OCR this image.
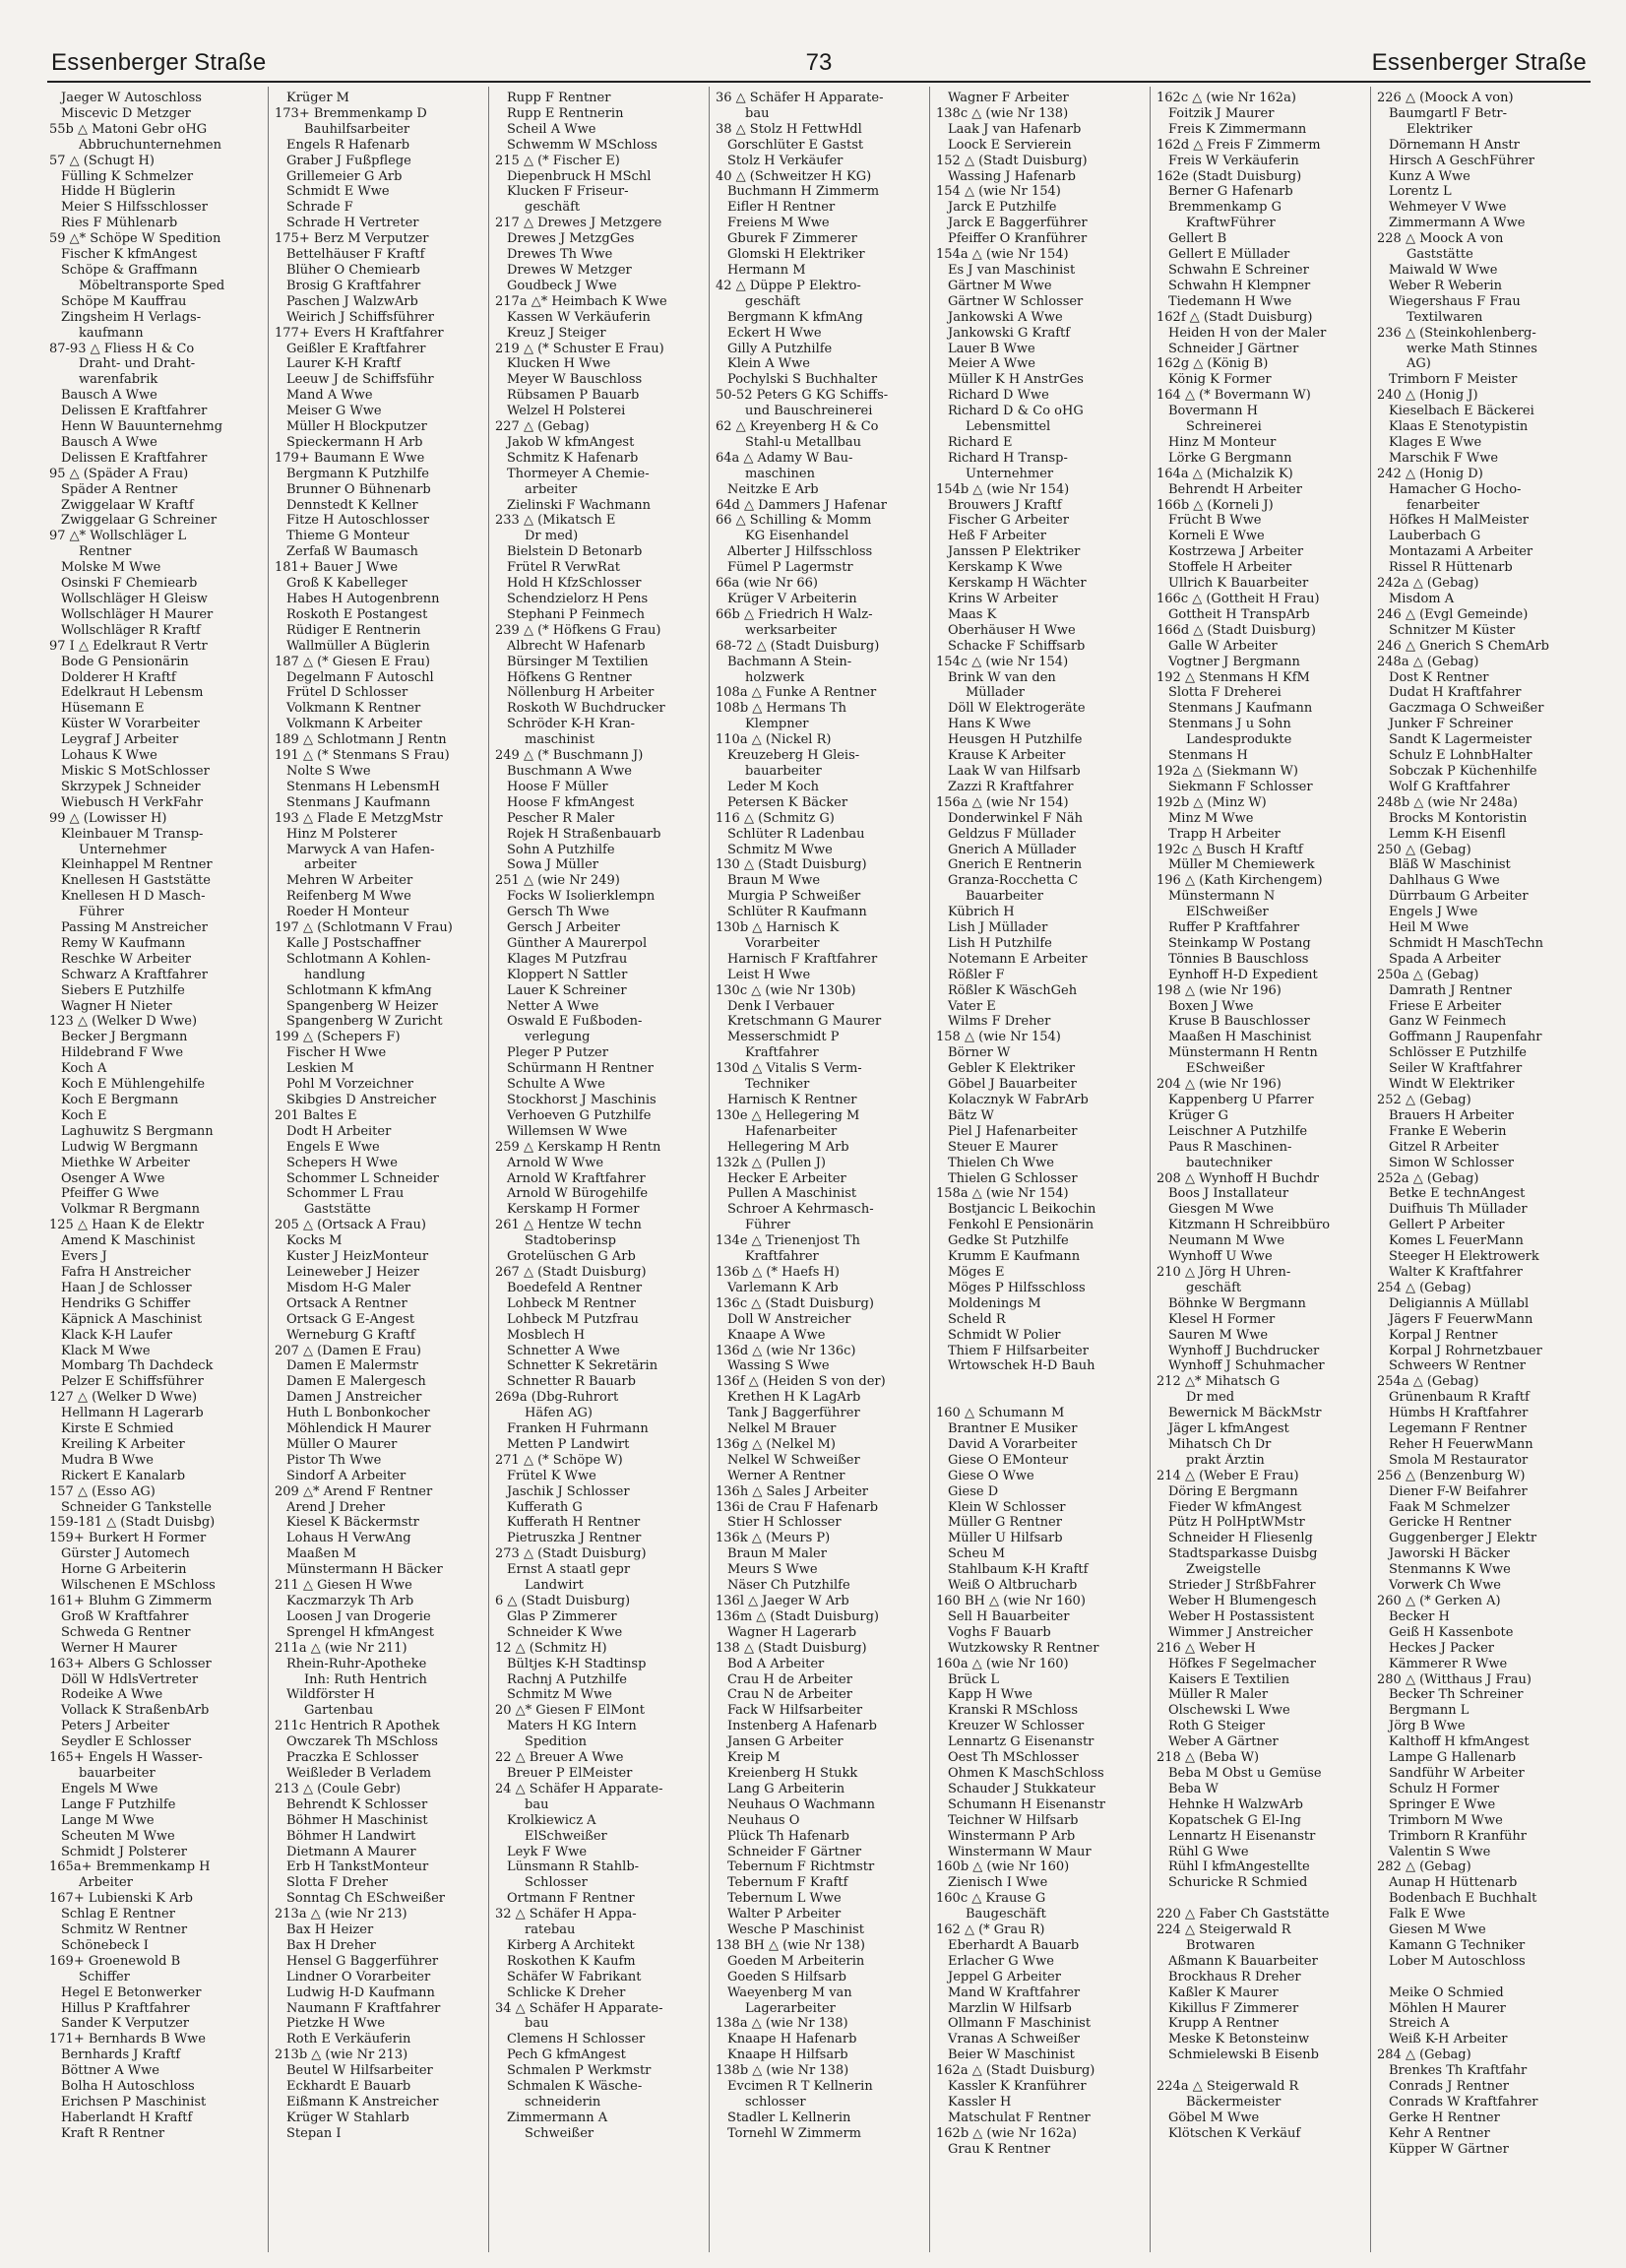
Essenberger Straße	73	Essenberger Straße
Jaeger W Autoschloss
Miscevic D Metzger
55b △ Matoni Gebr oHG
Abbruchunternehmen
57 △ (Schugt H)
Fülling K Schmelzer
Hidde H Büglerin
Meier S Hilfsschlosser
Ries F Mühlenarb
59 △* Schöpe W Spedition
Fischer K kfmAngest
Schöpe & Graffmann
Möbeltransporte Sped
Schöpe M Kauffrau
Zingsheim H Verlags-
kaufmann
87-93 △ Fliess H & Co
Draht- und Draht-
warenfabrik
Bausch A Wwe
Delissen E Kraftfahrer
Henn W Bauunternehmg
Bausch A Wwe
Delissen E Kraftfahrer
95 △ (Späder A Frau)
Späder A Rentner
Zwiggelaar W Kraftf
Zwiggelaar G Schreiner
97 △* Wollschläger L
Rentner
Molske M Wwe
Osinski F Chemiearb
Wollschläger H Gleisw
Wollschläger H Maurer
Wollschläger R Kraftf
97 I △ Edelkraut R Vertr
Bode G Pensionärin
Dolderer H Kraftf
Edelkraut H Lebensm
Hüsemann E
Küster W Vorarbeiter
Leygraf J Arbeiter
Lohaus K Wwe
Miskic S MotSchlosser
Skrzypek J Schneider
Wiebusch H VerkFahr
99 △ (Lowisser H)
Kleinbauer M Transp-
Unternehmer
Kleinhappel M Rentner
Knellesen H Gaststätte
Knellesen H D Masch-
Führer
Passing M Anstreicher
Remy W Kaufmann
Reschke W Arbeiter
Schwarz A Kraftfahrer
Siebers E Putzhilfe
Wagner H Nieter
123 △ (Welker D Wwe)
Becker J Bergmann
Hildebrand F Wwe
Koch A
Koch E Mühlengehilfe
Koch E Bergmann
Koch E
Laghuwitz S Bergmann
Ludwig W Bergmann
Miethke W Arbeiter
Osenger A Wwe
Pfeiffer G Wwe
Volkmar R Bergmann
125 △ Haan K de Elektr
Amend K Maschinist
Evers J
Fafra H Anstreicher
Haan J de Schlosser
Hendriks G Schiffer
Käpnick A Maschinist
Klack K-H Laufer
Klack M Wwe
Mombarg Th Dachdeck
Pelzer E Schiffsführer
127 △ (Welker D Wwe)
Hellmann H Lagerarb
Kirste E Schmied
Kreiling K Arbeiter
Mudra B Wwe
Rickert E Kanalarb
157 △ (Esso AG)
Schneider G Tankstelle
159-181 △ (Stadt Duisbg)
159+ Burkert H Former
Gürster J Automech
Horne G Arbeiterin
Wilschenen E MSchloss
161+ Bluhm G Zimmerm
Groß W Kraftfahrer
Schweda G Rentner
Werner H Maurer
163+ Albers G Schlosser
Döll W HdlsVertreter
Rodeike A Wwe
Vollack K StraßenbArb
Peters J Arbeiter
Seydler E Schlosser
165+ Engels H Wasser-
bauarbeiter
Engels M Wwe
Lange F Putzhilfe
Lange M Wwe
Scheuten M Wwe
Schmidt J Polsterer
165a+ Bremmenkamp H
Arbeiter
167+ Lubienski K Arb
Schlag E Rentner
Schmitz W Rentner
Schönebeck I
169+ Groenewold B
Schiffer
Hegel E Betonwerker
Hillus P Kraftfahrer
Sander K Verputzer
171+ Bernhards B Wwe
Bernhards J Kraftf
Böttner A Wwe
Bolha H Autoschloss
Erichsen P Maschinist
Haberlandt H Kraftf
Kraft R Rentner
Krüger M
173+ Bremmenkamp D
Bauhilfsarbeiter
Engels R Hafenarb
Graber J Fußpflege
Grillemeier G Arb
Schmidt E Wwe
Schrade F
Schrade H Vertreter
175+ Berz M Verputzer
Bettelhäuser F Kraftf
Blüher O Chemiearb
Brosig G Kraftfahrer
Paschen J WalzwArb
Weirich J Schiffsführer
177+ Evers H Kraftfahrer
Geißler E Kraftfahrer
Laurer K-H Kraftf
Leeuw J de Schiffsführ
Mand A Wwe
Meiser G Wwe
Müller H Blockputzer
Spieckermann H Arb
179+ Baumann E Wwe
Bergmann K Putzhilfe
Brunner O Bühnenarb
Dennstedt K Kellner
Fitze H Autoschlosser
Thieme G Monteur
Zerfaß W Baumasch
181+ Bauer J Wwe
Groß K Kabelleger
Habes H Autogenbrenn
Roskoth E Postangest
Rüdiger E Rentnerin
Wallmüller A Büglerin
187 △ (* Giesen E Frau)
Degelmann F Autoschl
Frütel D Schlosser
Volkmann K Rentner
Volkmann K Arbeiter
189 △ Schlotmann J Rentn
191 △ (* Stenmans S Frau)
Nolte S Wwe
Stenmans H LebensmH
Stenmans J Kaufmann
193 △ Flade E MetzgMstr
Hinz M Polsterer
Marwyck A van Hafen-
arbeiter
Mehren W Arbeiter
Reifenberg M Wwe
Roeder H Monteur
197 △ (Schlotmann V Frau)
Kalle J Postschaffner
Schlotmann A Kohlen-
handlung
Schlotmann K kfmAng
Spangenberg W Heizer
Spangenberg W Zuricht
199 △ (Schepers F)
Fischer H Wwe
Leskien M
Pohl M Vorzeichner
Skibgies D Anstreicher
201 Baltes E
Dodt H Arbeiter
Engels E Wwe
Schepers H Wwe
Schommer L Schneider
Schommer L Frau
Gaststätte
205 △ (Ortsack A Frau)
Kocks M
Kuster J HeizMonteur
Leineweber J Heizer
Misdom H-G Maler
Ortsack A Rentner
Ortsack G E-Angest
Werneburg G Kraftf
207 △ (Damen E Frau)
Damen E Malermstr
Damen E Malergesch
Damen J Anstreicher
Huth L Bonbonkocher
Möhlendick H Maurer
Müller O Maurer
Pistor Th Wwe
Sindorf A Arbeiter
209 △* Arend F Rentner
Arend J Dreher
Kiesel K Bäckermstr
Lohaus H VerwAng
Maaßen M
Münstermann H Bäcker
211 △ Giesen H Wwe
Kaczmarzyk Th Arb
Loosen J van Drogerie
Sprengel H kfmAngest
211a △ (wie Nr 211)
Rhein-Ruhr-Apotheke
Inh: Ruth Hentrich
Wildförster H
Gartenbau
211c Hentrich R Apothek
Owczarek Th MSchloss
Praczka E Schlosser
Weißleder B Verladem
213 △ (Coule Gebr)
Behrendt K Schlosser
Böhmer H Maschinist
Böhmer H Landwirt
Dietmann A Maurer
Erb H TankstMonteur
Slotta F Dreher
Sonntag Ch ESchweißer
213a △ (wie Nr 213)
Bax H Heizer
Bax H Dreher
Hensel G Baggerführer
Lindner O Vorarbeiter
Ludwig H-D Kaufmann
Naumann F Kraftfahrer
Pietzke H Wwe
Roth E Verkäuferin
213b △ (wie Nr 213)
Beutel W Hilfsarbeiter
Eckhardt E Bauarb
Eißmann K Anstreicher
Krüger W Stahlarb
Stepan I
Rupp F Rentner
Rupp E Rentnerin
Scheil A Wwe
Schwemm W MSchloss
215 △ (* Fischer E)
Diepenbruck H MSchl
Klucken F Friseur-
geschäft
217 △ Drewes J Metzgere
Drewes J MetzgGes
Drewes Th Wwe
Drewes W Metzger
Goudbeck J Wwe
217a △* Heimbach K Wwe
Kassen W Verkäuferin
Kreuz J Steiger
219 △ (* Schuster E Frau)
Klucken H Wwe
Meyer W Bauschloss
Rübsamen P Bauarb
Welzel H Polsterei
227 △ (Gebag)
Jakob W kfmAngest
Schmitz K Hafenarb
Thormeyer A Chemie-
arbeiter
Zielinski F Wachmann
233 △ (Mikatsch E
Dr med)
Bielstein D Betonarb
Frütel R VerwRat
Hold H KfzSchlosser
Schendzielorz H Pens
Stephani P Feinmech
239 △ (* Höfkens G Frau)
Albrecht W Hafenarb
Bürsinger M Textilien
Höfkens G Rentner
Nöllenburg H Arbeiter
Roskoth W Buchdrucker
Schröder K-H Kran-
maschinist
249 △ (* Buschmann J)
Buschmann A Wwe
Hoose F Müller
Hoose F kfmAngest
Pescher R Maler
Rojek H Straßenbauarb
Sohn A Putzhilfe
Sowa J Müller
251 △ (wie Nr 249)
Focks W Isolierklempn
Gersch Th Wwe
Gersch J Arbeiter
Günther A Maurerpol
Klages M Putzfrau
Kloppert N Sattler
Lauer K Schreiner
Netter A Wwe
Oswald E Fußboden-
verlegung
Pleger P Putzer
Schürmann H Rentner
Schulte A Wwe
Stockhorst J Maschinis
Verhoeven G Putzhilfe
Willemsen W Wwe
259 △ Kerskamp H Rentn
Arnold W Wwe
Arnold W Kraftfahrer
Arnold W Bürogehilfe
Kerskamp H Former
261 △ Hentze W techn
Stadtoberinsp
Grotelüschen G Arb
267 △ (Stadt Duisburg)
Boedefeld A Rentner
Lohbeck M Rentner
Lohbeck M Putzfrau
Mosblech H
Schnetter A Wwe
Schnetter K Sekretärin
Schnetter R Bauarb
269a (Dbg-Ruhrort
Häfen AG)
Franken H Fuhrmann
Metten P Landwirt
271 △ (* Schöpe W)
Frütel K Wwe
Jaschik J Schlosser
Kufferath G
Kufferath H Rentner
Pietruszka J Rentner
273 △ (Stadt Duisburg)
Ernst A staatl gepr
Landwirt
6 △ (Stadt Duisburg)
Glas P Zimmerer
Schneider K Wwe
12 △ (Schmitz H)
Bültjes K-H Stadtinsp
Rachnj A Putzhilfe
Schmitz M Wwe
20 △* Giesen F ElMont
Maters H KG Intern
Spedition
22 △ Breuer A Wwe
Breuer P ElMeister
24 △ Schäfer H Apparate-
bau
Krolkiewicz A
ElSchweißer
Leyk F Wwe
Lünsmann R Stahlb-
Schlosser
Ortmann F Rentner
32 △ Schäfer H Appa-
ratebau
Kirberg A Architekt
Roskothen K Kaufm
Schäfer W Fabrikant
Schlicke K Dreher
34 △ Schäfer H Apparate-
bau
Clemens H Schlosser
Pech G kfmAngest
Schmalen P Werkmstr
Schmalen K Wäsche-
schneiderin
Zimmermann A
Schweißer
36 △ Schäfer H Apparate-
bau
38 △ Stolz H FettwHdl
Gorschlüter E Gastst
Stolz H Verkäufer
40 △ (Schweitzer H KG)
Buchmann H Zimmerm
Eifler H Rentner
Freiens M Wwe
Gburek F Zimmerer
Glomski H Elektriker
Hermann M
42 △ Düppe P Elektro-
geschäft
Bergmann K kfmAng
Eckert H Wwe
Gilly A Putzhilfe
Klein A Wwe
Pochylski S Buchhalter
50-52 Peters G KG Schiffs-
und Bauschreinerei
62 △ Kreyenberg H & Co
Stahl-u Metallbau
64a △ Adamy W Bau-
maschinen
Neitzke E Arb
64d △ Dammers J Hafenar
66 △ Schilling & Momm
KG Eisenhandel
Alberter J Hilfsschloss
Fümel P Lagermstr
66a (wie Nr 66)
Krüger V Arbeiterin
66b △ Friedrich H Walz-
werksarbeiter
68-72 △ (Stadt Duisburg)
Bachmann A Stein-
holzwerk
108a △ Funke A Rentner
108b △ Hermans Th
Klempner
110a △ (Nickel R)
Kreuzeberg H Gleis-
bauarbeiter
Leder M Koch
Petersen K Bäcker
116 △ (Schmitz G)
Schlüter R Ladenbau
Schmitz M Wwe
130 △ (Stadt Duisburg)
Braun M Wwe
Murgia P Schweißer
Schlüter R Kaufmann
130b △ Harnisch K
Vorarbeiter
Harnisch F Kraftfahrer
Leist H Wwe
130c △ (wie Nr 130b)
Denk I Verbauer
Kretschmann G Maurer
Messerschmidt P
Kraftfahrer
130d △ Vitalis S Verm-
Techniker
Harnisch K Rentner
130e △ Hellegering M
Hafenarbeiter
Hellegering M Arb
132k △ (Pullen J)
Hecker E Arbeiter
Pullen A Maschinist
Schroer A Kehrmasch-
Führer
134e △ Trienenjost Th
Kraftfahrer
136b △ (* Haefs H)
Varlemann K Arb
136c △ (Stadt Duisburg)
Doll W Anstreicher
Knaape A Wwe
136d △ (wie Nr 136c)
Wassing S Wwe
136f △ (Heiden S von der)
Krethen H K LagArb
Tank J Baggerführer
Nelkel M Brauer
136g △ (Nelkel M)
Nelkel W Schweißer
Werner A Rentner
136h △ Sales J Arbeiter
136i de Crau F Hafenarb
Stier H Schlosser
136k △ (Meurs P)
Braun M Maler
Meurs S Wwe
Näser Ch Putzhilfe
136l △ Jaeger W Arb
136m △ (Stadt Duisburg)
Wagner H Lagerarb
138 △ (Stadt Duisburg)
Bod A Arbeiter
Crau H de Arbeiter
Crau N de Arbeiter
Fack W Hilfsarbeiter
Instenberg A Hafenarb
Jansen G Arbeiter
Kreip M
Kreienberg H Stukk
Lang G Arbeiterin
Neuhaus O Wachmann
Neuhaus O
Plück Th Hafenarb
Schneider F Gärtner
Tebernum F Richtmstr
Tebernum F Kraftf
Tebernum L Wwe
Walter P Arbeiter
Wesche P Maschinist
138 BH △ (wie Nr 138)
Goeden M Arbeiterin
Goeden S Hilfsarb
Waeyenberg M van
Lagerarbeiter
138a △ (wie Nr 138)
Knaape H Hafenarb
Knaape H Hilfsarb
138b △ (wie Nr 138)
Evcimen R T Kellnerin
schlosser
Stadler L Kellnerin
Tornehl W Zimmerm
Wagner F Arbeiter
138c △ (wie Nr 138)
Laak J van Hafenarb
Loock E Servierein
152 △ (Stadt Duisburg)
Wassing J Hafenarb
154 △ (wie Nr 154)
Jarck E Putzhilfe
Jarck E Baggerführer
Pfeiffer O Kranführer
154a △ (wie Nr 154)
Es J van Maschinist
Gärtner M Wwe
Gärtner W Schlosser
Jankowski A Wwe
Jankowski G Kraftf
Lauer B Wwe
Meier A Wwe
Müller K H AnstrGes
Richard D Wwe
Richard D & Co oHG
Lebensmittel
Richard E
Richard H Transp-
Unternehmer
154b △ (wie Nr 154)
Brouwers J Kraftf
Fischer G Arbeiter
Heß F Arbeiter
Janssen P Elektriker
Kerskamp K Wwe
Kerskamp H Wächter
Krins W Arbeiter
Maas K
Oberhäuser H Wwe
Schacke F Schiffsarb
154c △ (wie Nr 154)
Brink W van den
Müllader
Döll W Elektrogeräte
Hans K Wwe
Heusgen H Putzhilfe
Krause K Arbeiter
Laak W van Hilfsarb
Zazzi R Kraftfahrer
156a △ (wie Nr 154)
Donderwinkel F Näh
Geldzus F Müllader
Gnerich A Müllader
Gnerich E Rentnerin
Granza-Rocchetta C
Bauarbeiter
Kübrich H
Lish J Müllader
Lish H Putzhilfe
Notemann E Arbeiter
Rößler F
Rößler K WäschGeh
Vater E
Wilms F Dreher
158 △ (wie Nr 154)
Börner W
Gebler K Elektriker
Göbel J Bauarbeiter
Kolacznyk W FabrArb
Bätz W
Piel J Hafenarbeiter
Steuer E Maurer
Thielen Ch Wwe
Thielen G Schlosser
158a △ (wie Nr 154)
Bostjancic L Beikochin
Fenkohl E Pensionärin
Gedke St Putzhilfe
Krumm E Kaufmann
Möges E
Möges P Hilfsschloss
Moldenings M
Scheld R
Schmidt W Polier
Thiem F Hilfsarbeiter
Wrtowschek H-D Bauh

160 △ Schumann M
Brantner E Musiker
David A Vorarbeiter
Giese O EMonteur
Giese O Wwe
Giese D
Klein W Schlosser
Müller G Rentner
Müller U Hilfsarb
Scheu M
Stahlbaum K-H Kraftf
Weiß O Altbrucharb
160 BH △ (wie Nr 160)
Sell H Bauarbeiter
Voghs F Bauarb
Wutzkowsky R Rentner
160a △ (wie Nr 160)
Brück L
Kapp H Wwe
Kranski R MSchloss
Kreuzer W Schlosser
Lennartz G Eisenanstr
Oest Th MSchlosser
Ohmen K MaschSchloss
Schauder J Stukkateur
Schumann H Eisenanstr
Teichner W Hilfsarb
Winstermann P Arb
Winstermann W Maur
160b △ (wie Nr 160)
Zienisch I Wwe
160c △ Krause G
Baugeschäft
162 △ (* Grau R)
Eberhardt A Bauarb
Erlacher G Wwe
Jeppel G Arbeiter
Mand W Kraftfahrer
Marzlin W Hilfsarb
Ollmann F Maschinist
Vranas A Schweißer
Beier W Maschinist
162a △ (Stadt Duisburg)
Kassler K Kranführer
Kassler H
Matschulat F Rentner
162b △ (wie Nr 162a)
Grau K Rentner
162c △ (wie Nr 162a)
Foitzik J Maurer
Freis K Zimmermann
162d △ Freis F Zimmerm
Freis W Verkäuferin
162e (Stadt Duisburg)
Berner G Hafenarb
Bremmenkamp G
KraftwFührer
Gellert B
Gellert E Müllader
Schwahn E Schreiner
Schwahn H Klempner
Tiedemann H Wwe
162f △ (Stadt Duisburg)
Heiden H von der Maler
Schneider J Gärtner
162g △ (König B)
König K Former
164 △ (* Bovermann W)
Bovermann H
Schreinerei
Hinz M Monteur
Lörke G Bergmann
164a △ (Michalzik K)
Behrendt H Arbeiter
166b △ (Korneli J)
Frücht B Wwe
Korneli E Wwe
Kostrzewa J Arbeiter
Stoffele H Arbeiter
Ullrich K Bauarbeiter
166c △ (Gottheit H Frau)
Gottheit H TranspArb
166d △ (Stadt Duisburg)
Galle W Arbeiter
Vogtner J Bergmann
192 △ Stenmans H KfM
Slotta F Dreherei
Stenmans J Kaufmann
Stenmans J u Sohn
Landesprodukte
Stenmans H
192a △ (Siekmann W)
Siekmann F Schlosser
192b △ (Minz W)
Minz M Wwe
Trapp H Arbeiter
192c △ Busch H Kraftf
Müller M Chemiewerk
196 △ (Kath Kirchengem)
Münstermann N
ElSchweißer
Ruffer P Kraftfahrer
Steinkamp W Postang
Tönnies B Bauschloss
Eynhoff H-D Expedient
198 △ (wie Nr 196)
Boxen J Wwe
Kruse B Bauschlosser
Maaßen H Maschinist
Münstermann H Rentn
ESchweißer
204 △ (wie Nr 196)
Kappenberg U Pfarrer
Krüger G
Leischner A Putzhilfe
Paus R Maschinen-
bautechniker
208 △ Wynhoff H Buchdr
Boos J Installateur
Giesgen M Wwe
Kitzmann H Schreibbüro
Neumann M Wwe
Wynhoff U Wwe
210 △ Jörg H Uhren-
geschäft
Böhnke W Bergmann
Klesel H Former
Sauren M Wwe
Wynhoff J Buchdrucker
Wynhoff J Schuhmacher
212 △* Mihatsch G
Dr med
Bewernick M BäckMstr
Jäger L kfmAngest
Mihatsch Ch Dr
prakt Ärztin
214 △ (Weber E Frau)
Döring E Bergmann
Fieder W kfmAngest
Pütz H PolHptWMstr
Schneider H Fliesenlg
Stadtsparkasse Duisbg
Zweigstelle
Strieder J StrßbFahrer
Weber H Blumengesch
Weber H Postassistent
Wimmer J Anstreicher
216 △ Weber H
Höfkes F Segelmacher
Kaisers E Textilien
Müller R Maler
Olschewski L Wwe
Roth G Steiger
Weber A Gärtner
218 △ (Beba W)
Beba M Obst u Gemüse
Beba W
Hehnke H WalzwArb
Kopatschek G El-Ing
Lennartz H Eisenanstr
Rühl G Wwe
Rühl I kfmAngestellte
Schuricke R Schmied

220 △ Faber Ch Gaststätte
224 △ Steigerwald R
Brotwaren
Aßmann K Bauarbeiter
Brockhaus R Dreher
Kaßler K Maurer
Kikillus F Zimmerer
Krupp A Rentner
Meske K Betonsteinw
Schmielewski B Eisenb

224a △ Steigerwald R
Bäckermeister
Göbel M Wwe
Klötschen K Verkäuf
226 △ (Moock A von)
Baumgartl F Betr-
Elektriker
Dörnemann H Anstr
Hirsch A GeschFührer
Kunz A Wwe
Lorentz L
Wehmeyer V Wwe
Zimmermann A Wwe
228 △ Moock A von
Gaststätte
Maiwald W Wwe
Weber R Weberin
Wiegershaus F Frau
Textilwaren
236 △ (Steinkohlenberg-
werke Math Stinnes
AG)
Trimborn F Meister
240 △ (Honig J)
Kieselbach E Bäckerei
Klaas E Stenotypistin
Klages E Wwe
Marschik F Wwe
242 △ (Honig D)
Hamacher G Hocho-
fenarbeiter
Höfkes H MalMeister
Lauberbach G
Montazami A Arbeiter
Rissel R Hüttenarb
242a △ (Gebag)
Misdom A
246 △ (Evgl Gemeinde)
Schnitzer M Küster
246 △ Gnerich S ChemArb
248a △ (Gebag)
Dost K Rentner
Dudat H Kraftfahrer
Gaczmaga O Schweißer
Junker F Schreiner
Sandt K Lagermeister
Schulz E LohnbHalter
Sobczak P Küchenhilfe
Wolf G Kraftfahrer
248b △ (wie Nr 248a)
Brocks M Kontoristin
Lemm K-H Eisenfl
250 △ (Gebag)
Bläß W Maschinist
Dahlhaus G Wwe
Dürrbaum G Arbeiter
Engels J Wwe
Heil M Wwe
Schmidt H MaschTechn
Spada A Arbeiter
250a △ (Gebag)
Damrath J Rentner
Friese E Arbeiter
Ganz W Feinmech
Goffmann J Raupenfahr
Schlösser E Putzhilfe
Seiler W Kraftfahrer
Windt W Elektriker
252 △ (Gebag)
Brauers H Arbeiter
Franke E Weberin
Gitzel R Arbeiter
Simon W Schlosser
252a △ (Gebag)
Betke E technAngest
Duifhuis Th Müllader
Gellert P Arbeiter
Komes L FeuerMann
Steeger H Elektrowerk
Walter K Kraftfahrer
254 △ (Gebag)
Deligiannis A Müllabl
Jägers F FeuerwMann
Korpal J Rentner
Korpal J Rohrnetzbauer
Schweers W Rentner
254a △ (Gebag)
Grünenbaum R Kraftf
Hümbs H Kraftfahrer
Legemann F Rentner
Reher H FeuerwMann
Smola M Restaurator
256 △ (Benzenburg W)
Diener F-W Beifahrer
Faak M Schmelzer
Gericke H Rentner
Guggenberger J Elektr
Jaworski H Bäcker
Stenmanns K Wwe
Vorwerk Ch Wwe
260 △ (* Gerken A)
Becker H
Geiß H Kassenbote
Heckes J Packer
Kämmerer R Wwe
280 △ (Witthaus J Frau)
Becker Th Schreiner
Bergmann L
Jörg B Wwe
Kalthoff H kfmAngest
Lampe G Hallenarb
Sandführ W Arbeiter
Schulz H Former
Springer E Wwe
Trimborn M Wwe
Trimborn R Kranführ
Valentin S Wwe
282 △ (Gebag)
Aunap H Hüttenarb
Bodenbach E Buchhalt
Falk E Wwe
Giesen M Wwe
Kamann G Techniker
Lober M Autoschloss

Meike O Schmied
Möhlen H Maurer
Streich A
Weiß K-H Arbeiter
284 △ (Gebag)
Brenkes Th Kraftfahr
Conrads J Rentner
Conrads W Kraftfahrer
Gerke H Rentner
Kehr A Rentner
Küpper W Gärtner
